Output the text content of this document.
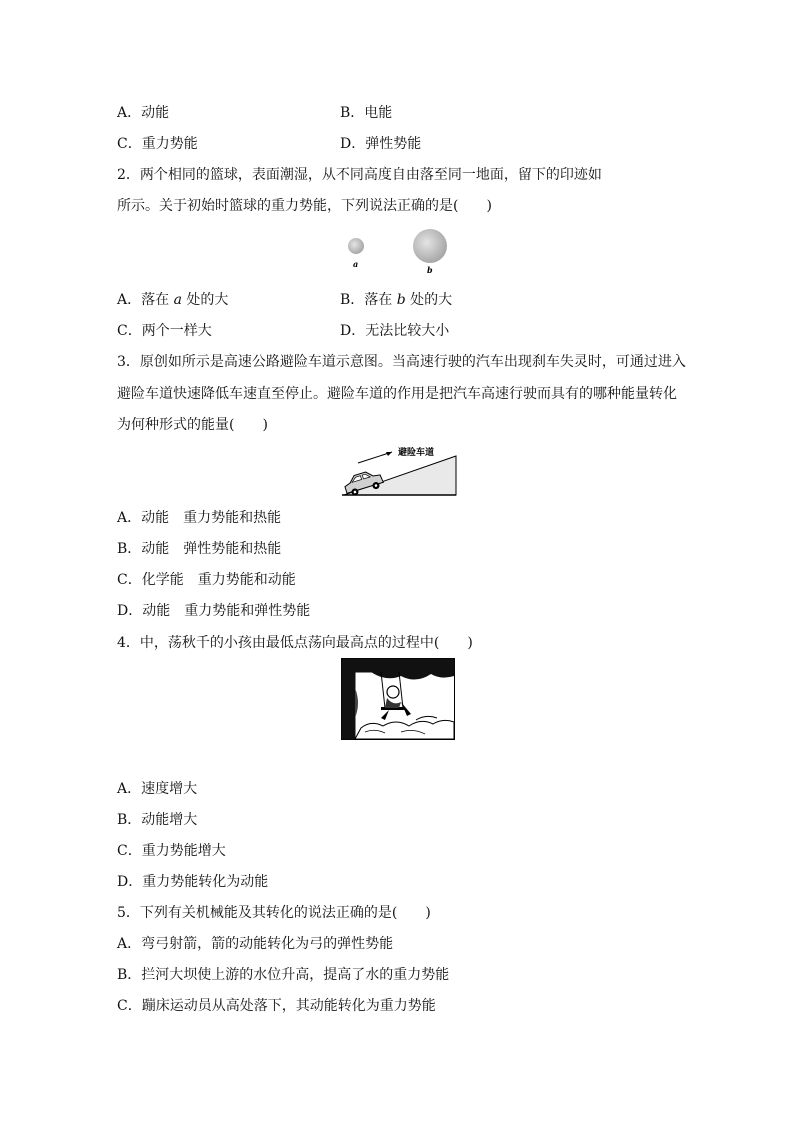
A．动能	B．电能
C．重力势能	D．弹性势能
2．两个相同的篮球，表面潮湿，从不同高度自由落至同一地面，留下的印迹如
所示。关于初始时篮球的重力势能，下列说法正确的是(　　)
a
b
A．落在 a 处的大	B．落在 b 处的大
C．两个一样大	D．无法比较大小
3．原创如所示是高速公路避险车道示意图。当高速行驶的汽车出现刹车失灵时，可通过进入
避险车道快速降低车速直至停止。避险车道的作用是把汽车高速行驶而具有的哪种能量转化
为何种形式的能量(　　)
避险车道
A．动能　重力势能和热能
B．动能　弹性势能和热能
C．化学能　重力势能和动能
D．动能　重力势能和弹性势能
4．中，荡秋千的小孩由最低点荡向最高点的过程中(　　)
A．速度增大
B．动能增大
C．重力势能增大
D．重力势能转化为动能
5．下列有关机械能及其转化的说法正确的是(　　)
A．弯弓射箭，箭的动能转化为弓的弹性势能
B．拦河大坝使上游的水位升高，提高了水的重力势能
C．蹦床运动员从高处落下，其动能转化为重力势能
